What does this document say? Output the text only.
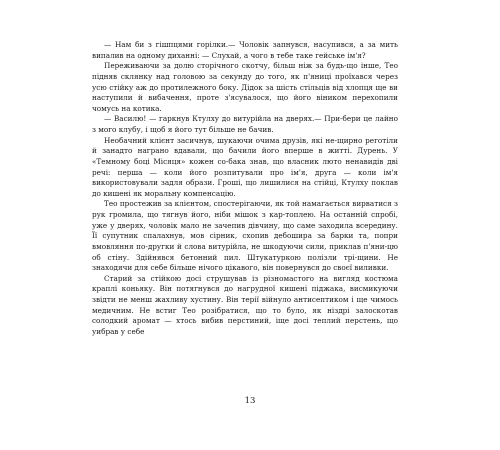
— Нам би з гішпцями горілки.— Чоловік запнувся, насупився, а за мить випалив на одному диханні: — Слухай, а чого в тебе таке гейське ім'я?

Переживаючи за долю сторічного скотчу, більш ніж за будь-що інше, Тео підняв склянку над головою за секунду до того, як п'яниці проїхався через усю стійку аж до протилежного боку. Дідок за шість стільців від хлопця ще ви наступили й вибачення, проте з'ясувалося, що його віником перехопили чомусь на котика.

— Василю! — гаркнув Ктулху до витурійла на дверях.— При-бери це лайно з мого клубу, і щоб я його тут більше не бачив.

Необачний клієнт засичнув, шукаючи очима друзів, які не-щирно реготіли й занадто награно вдавали, що бачили його вперше в житті. Дурень. У «Темному боці Місяця» кожен со-бака знав, що власник люто ненавидів дві речі: перша — коли його розпитували про ім'я, друга — коли ім'я використовували задля образи. Гроші, що лишилися на стійці, Ктулху поклав до кишені як моральну компенсацію.

Тео простежив за клієнтом, спостерігаючи, як той намагається вирватися з рук громила, що тягнув його, ніби мішок з кар-топлею. На останній спробі, уже у дверях, чоловік мало не зачепив дівчину, що саме заходила всередину. Її супутник спалахнув, мов сірник, схопив дебошира за барки та, попри вмовляння по-другки й слова витурійла, не шкодуючи сили, приклав п'яни-цю об стіну. Здійнявся бетонний пил. Штукатуркою полізли трі-щини. Не знаходячи для себе більше нічого цікавого, він повернувся до своєї виливки.

Старий за стійкою досі струшував із різномастого на вигляд костюма краплі коньяку. Він потягнувся до нагрудної кишені піджака, висмикуючи звідти не менш жахливу хустину. Він терії війнуло антисептиком і ще чимось медичним. Не встиг Тео розібратися, що то було, як ніздрі залоскотав солодкий аромат — хтось вибив перстиний, іще досі теплий перстень, що уибрав у себе

13
